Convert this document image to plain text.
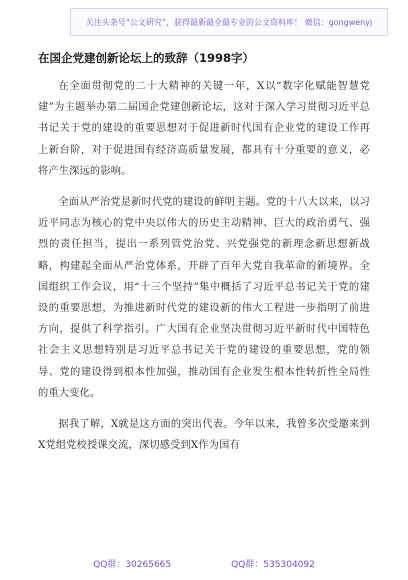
关注头条号“公文研究”，获得最新最全最专业的公文资料库！ 微信：gongwenyj
在国企党建创新论坛上的致辞（1998字）

在全面贯彻党的二十大精神的关键一年，X以“数字化赋能智慧党建”为主题举办第二届国企党建创新论坛，这对于深入学习贯彻习近平总书记关于党的建设的重要思想对于促进新时代国有企业党的建设工作再上新台阶，对于促进国有经济高质量发展，都具有十分重要的意义，必将产生深远的影响。

全面从严治党是新时代党的建设的鲜明主题。党的十八大以来，以习近平同志为核心的党中央以伟大的历史主动精神、巨大的政治勇气、强烈的责任担当，提出一系列管党治党、兴党强党的新理念新思想新战略，构建起全面从严治党体系，开辟了百年大党自我革命的新境界。全国组织工作会议，用“十三个坚持”集中概括了习近平总书记关于党的建设的重要思想，为推进新时代党的建设新的伟大工程进一步指明了前进方向，提供了科学指引。广大国有企业坚决贯彻习近平新时代中国特色社会主义思想特别是习近平总书记关于党的建设的重要思想，党的领导、党的建设得到根本性加强，推动国有企业发生根本性转折性全局性的重大变化。

据我了解，X就是这方面的突出代表。今年以来，我曾多次受邀来到X党组党校授课交流，深切感受到X作为国有

QQ群：30265665	QQ群：535304092
